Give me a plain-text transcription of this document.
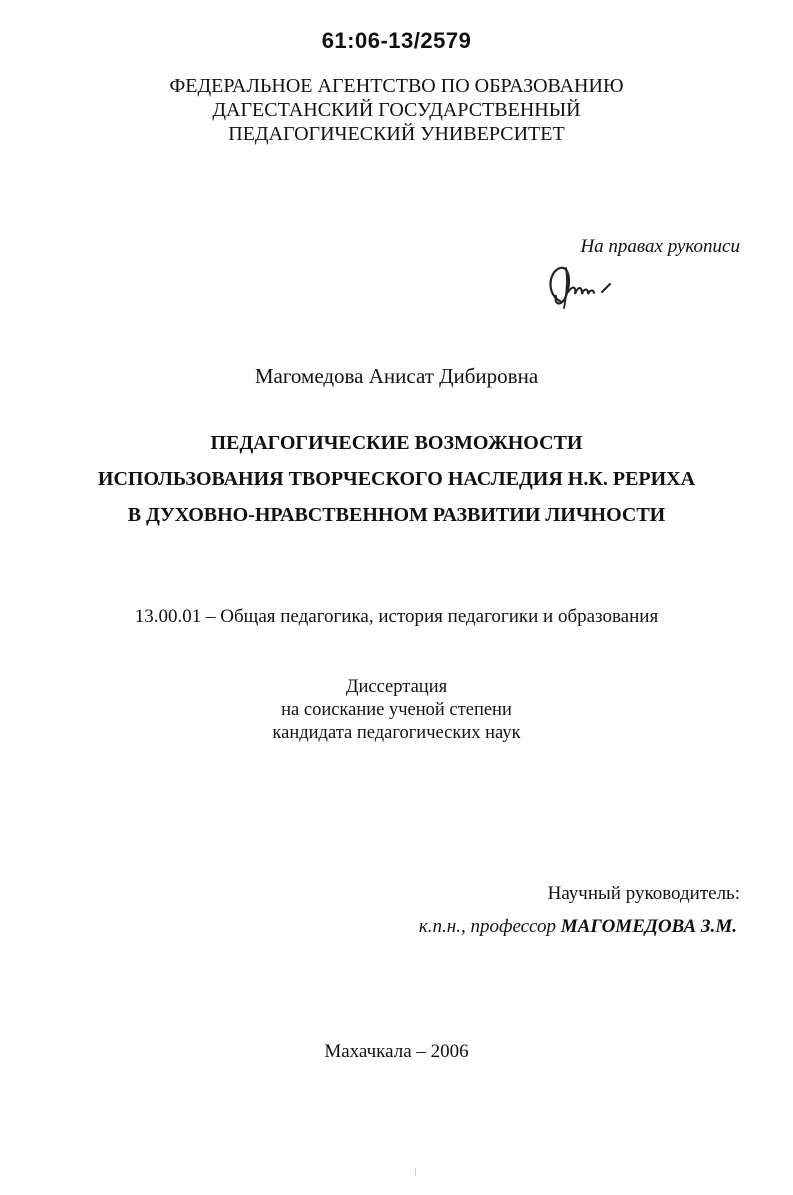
61:06-13/2579
ФЕДЕРАЛЬНОЕ АГЕНТСТВО ПО ОБРАЗОВАНИЮ
ДАГЕСТАНСКИЙ ГОСУДАРСТВЕННЫЙ
ПЕДАГОГИЧЕСКИЙ УНИВЕРСИТЕТ
На правах рукописи
Магомедова Анисат Дибировна
ПЕДАГОГИЧЕСКИЕ ВОЗМОЖНОСТИ
ИСПОЛЬЗОВАНИЯ ТВОРЧЕСКОГО НАСЛЕДИЯ Н.К. РЕРИХА
В ДУХОВНО-НРАВСТВЕННОМ РАЗВИТИИ ЛИЧНОСТИ
13.00.01 – Общая педагогика, история педагогики и образования
Диссертация
на соискание ученой степени
кандидата педагогических наук
Научный руководитель:
к.п.н., профессор МАГОМЕДОВА З.М.
Махачкала – 2006
